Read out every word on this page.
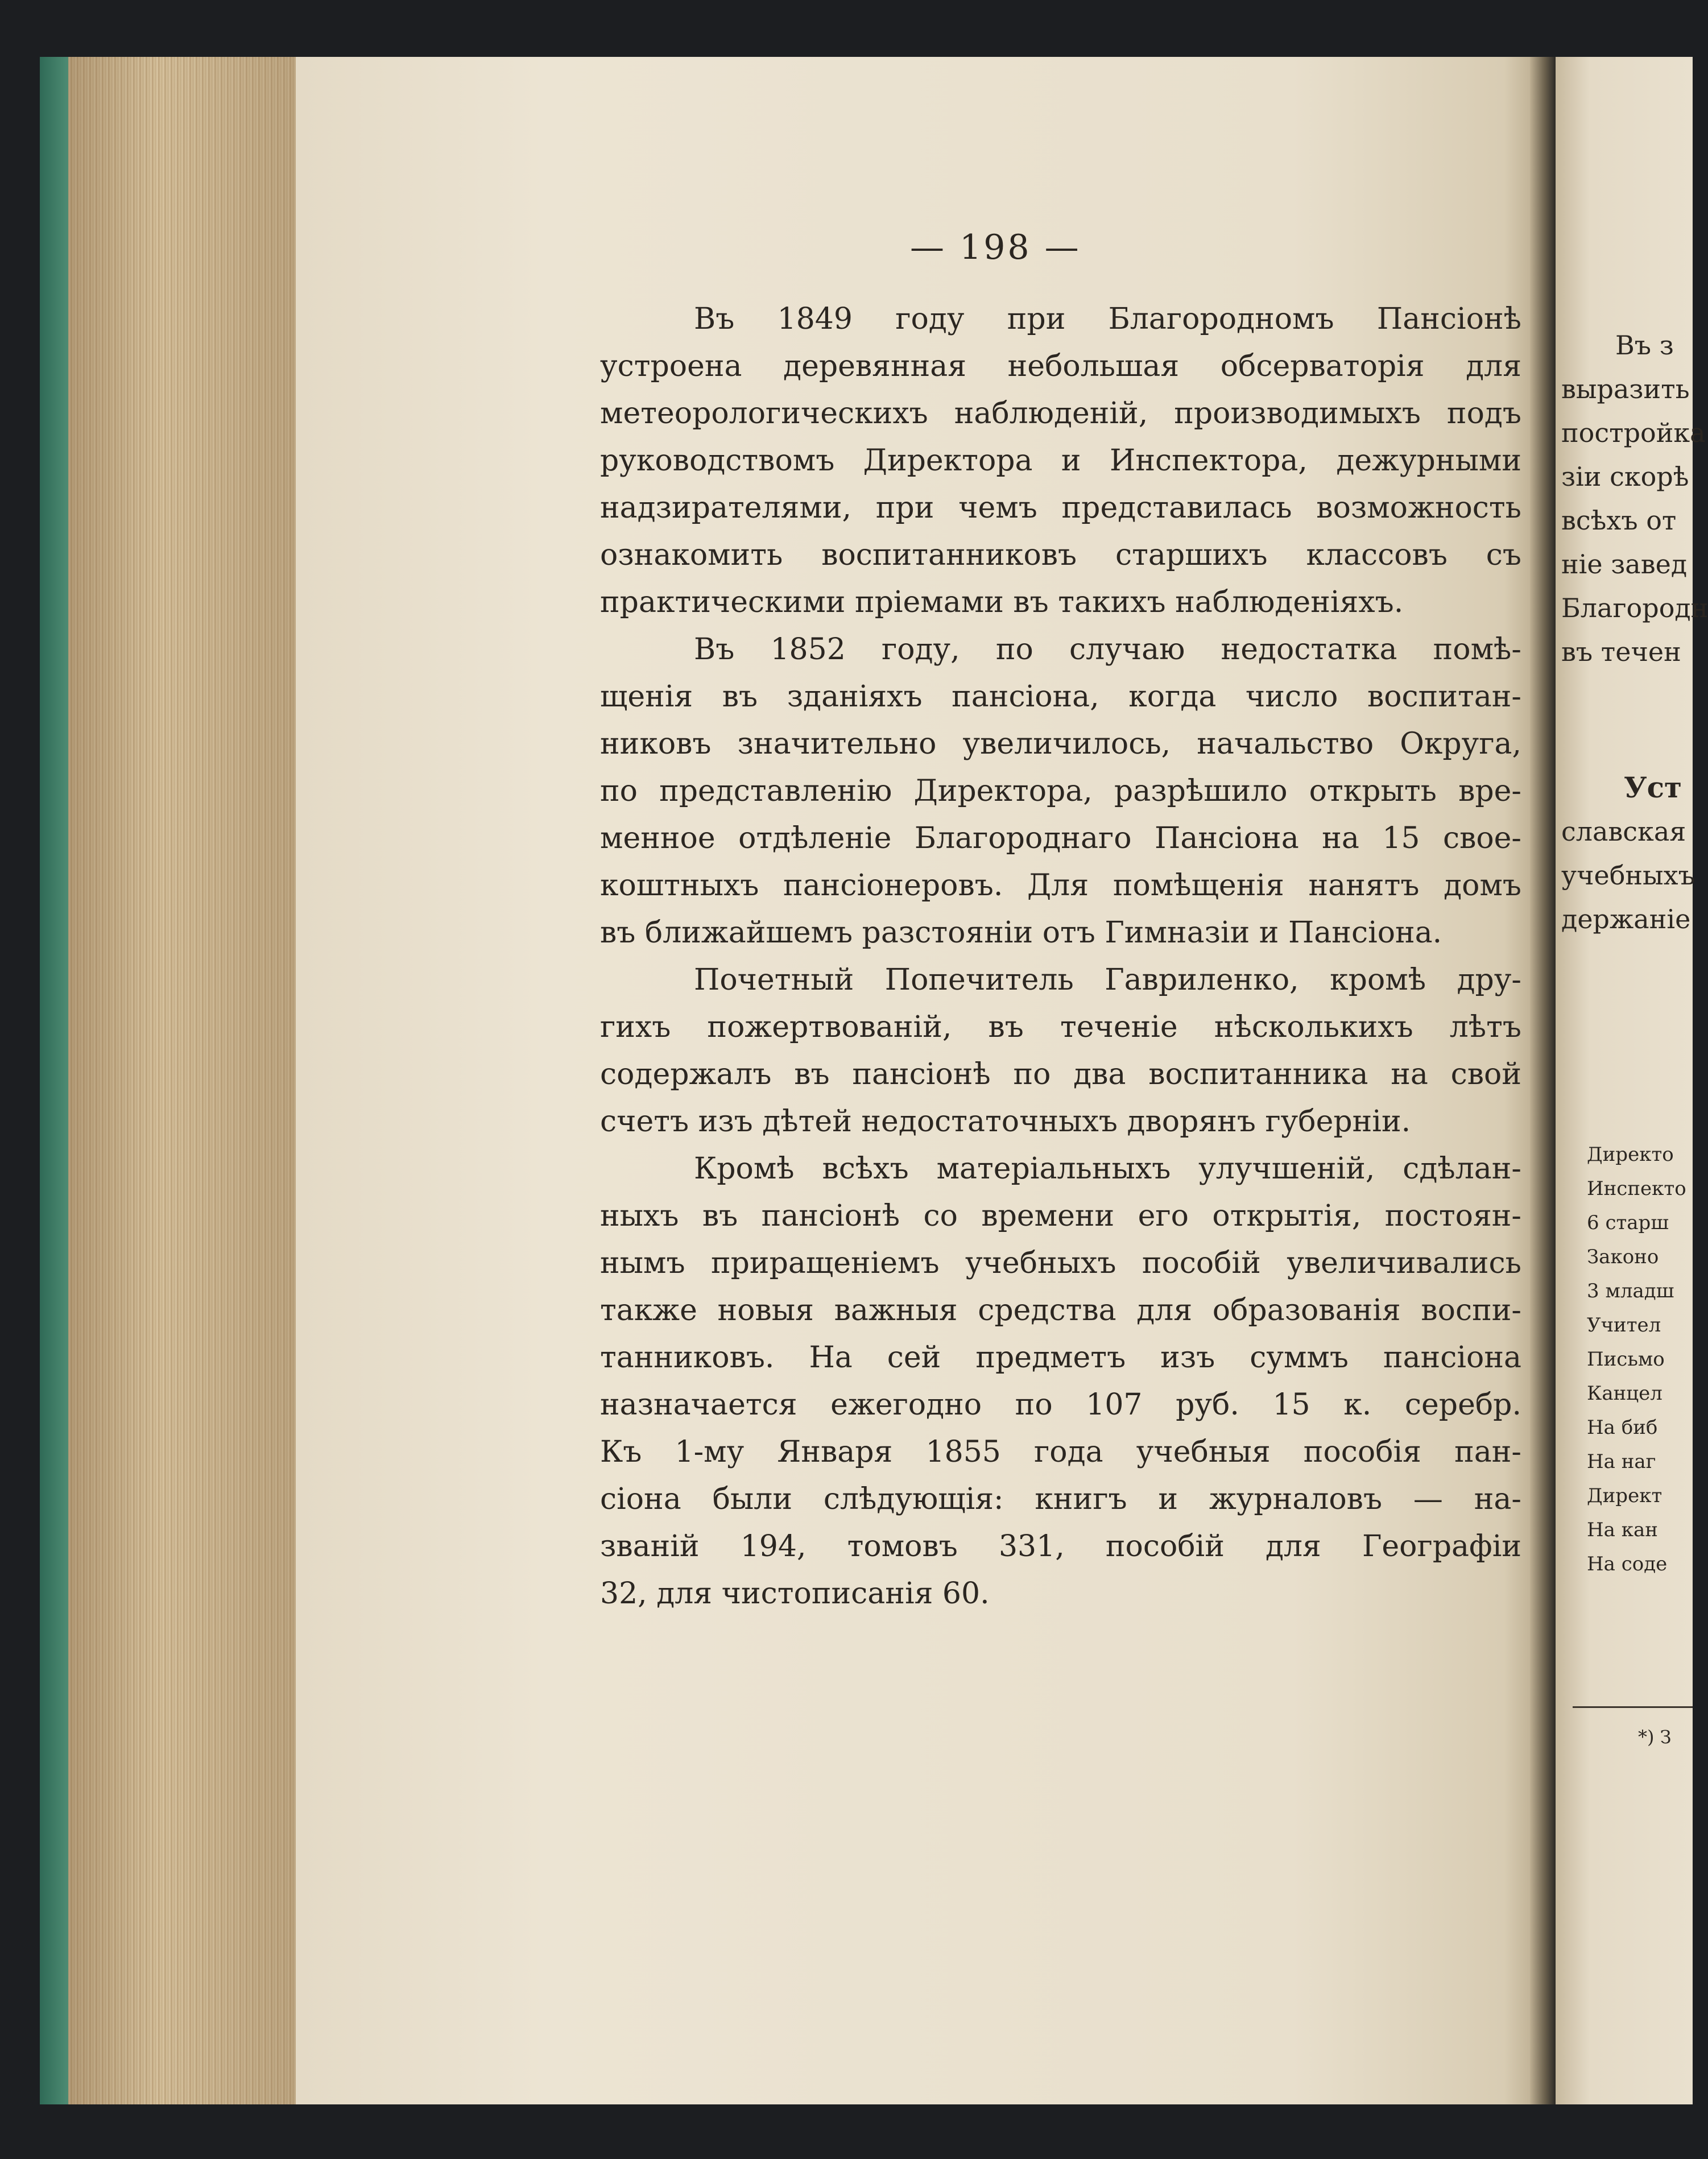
— 198 —
Въ 1849 году при Благородномъ Пансіонѣ
устроена деревянная небольшая обсерваторія для
метеорологическихъ наблюденій, производимыхъ подъ
руководствомъ Директора и Инспектора, дежурными
надзирателями, при чемъ представилась возможность
ознакомить воспитанниковъ старшихъ классовъ съ
практическими пріемами въ такихъ наблюденіяхъ.
Въ 1852 году, по случаю недостатка помѣ-
щенія въ зданіяхъ пансіона, когда число воспитан-
никовъ значительно увеличилось, начальство Округа,
по представленію Директора, разрѣшило открыть вре-
менное отдѣленіе Благороднаго Пансіона на 15 свое-
коштныхъ пансіонеровъ. Для помѣщенія нанятъ домъ
въ ближайшемъ разстояніи отъ Гимназіи и Пансіона.
Почетный Попечитель Гавриленко, кромѣ дру-
гихъ пожертвованій, въ теченіе нѣсколькихъ лѣтъ
содержалъ въ пансіонѣ по два воспитанника на свой
счетъ изъ дѣтей недостаточныхъ дворянъ губерніи.
Кромѣ всѣхъ матеріальныхъ улучшеній, сдѣлан-
ныхъ въ пансіонѣ со времени его открытія, постоян-
нымъ приращеніемъ учебныхъ пособій увеличивались
также новыя важныя средства для образованія воспи-
танниковъ. На сей предметъ изъ суммъ пансіона
назначается ежегодно по 107 руб. 15 к. серебр.
Къ 1-му Января 1855 года учебныя пособія пан-
сіона были слѣдующія: книгъ и журналовъ — на-
званій 194, томовъ 331, пособій для Географіи
32, для чистописанія 60.
Въ з
выразить
постройка
зіи скорѣ
всѣхъ от
ніе завед
Благородн
въ течен
Уст
славская
учебныхъ
держаніе
Директо
Инспекто
6 старш
Законо
3 младш
Учител
Письмо
Канцел
На биб
На наг
Директ
На кан
На соде
*) З
